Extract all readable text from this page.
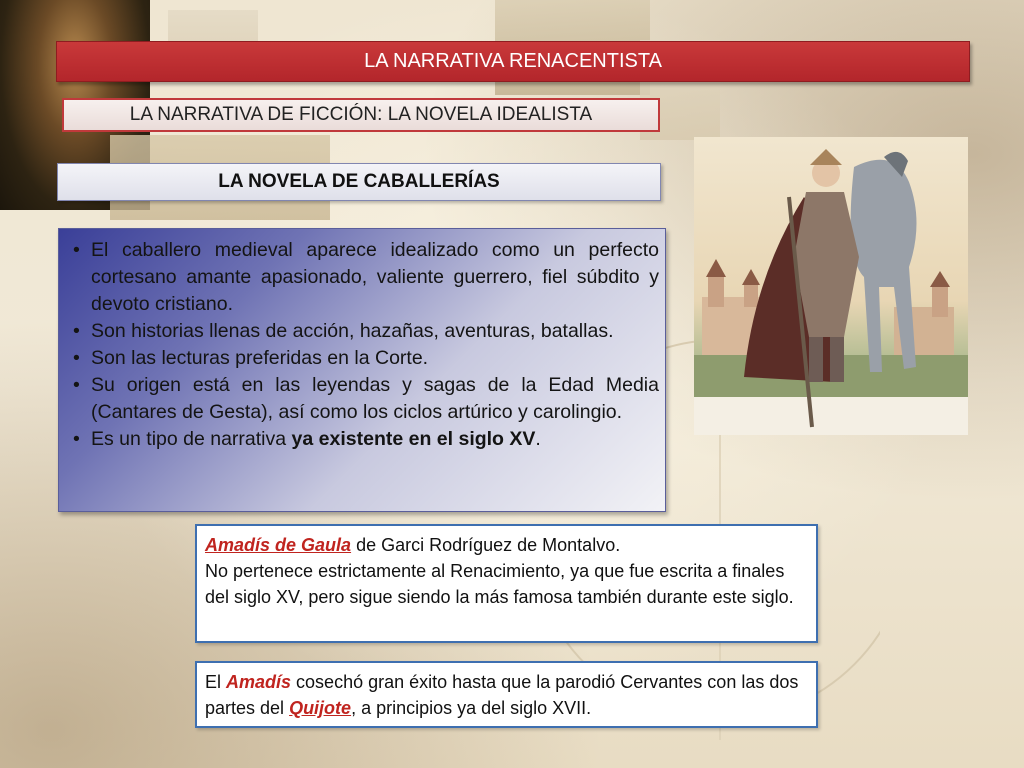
LA NARRATIVA RENACENTISTA
LA NARRATIVA DE FICCIÓN: LA NOVELA IDEALISTA
LA NOVELA DE CABALLERÍAS
• El caballero medieval aparece idealizado como un perfecto cortesano amante apasionado, valiente guerrero, fiel súbdito y devoto cristiano.
• Son historias llenas de acción, hazañas, aventuras, batallas.
• Son las lecturas preferidas en la Corte.
• Su origen está en las leyendas y sagas de la Edad Media (Cantares de Gesta), así como los ciclos artúrico y carolingio.
• Es un tipo de narrativa ya existente en el siglo XV.
Amadís de Gaula de Garci Rodríguez de Montalvo.
No pertenece estrictamente al Renacimiento, ya que fue escrita a finales del siglo XV, pero sigue siendo la más famosa también durante este siglo.
El Amadís cosechó gran éxito hasta que la parodió Cervantes con las dos partes del Quijote, a principios ya del siglo XVII.
